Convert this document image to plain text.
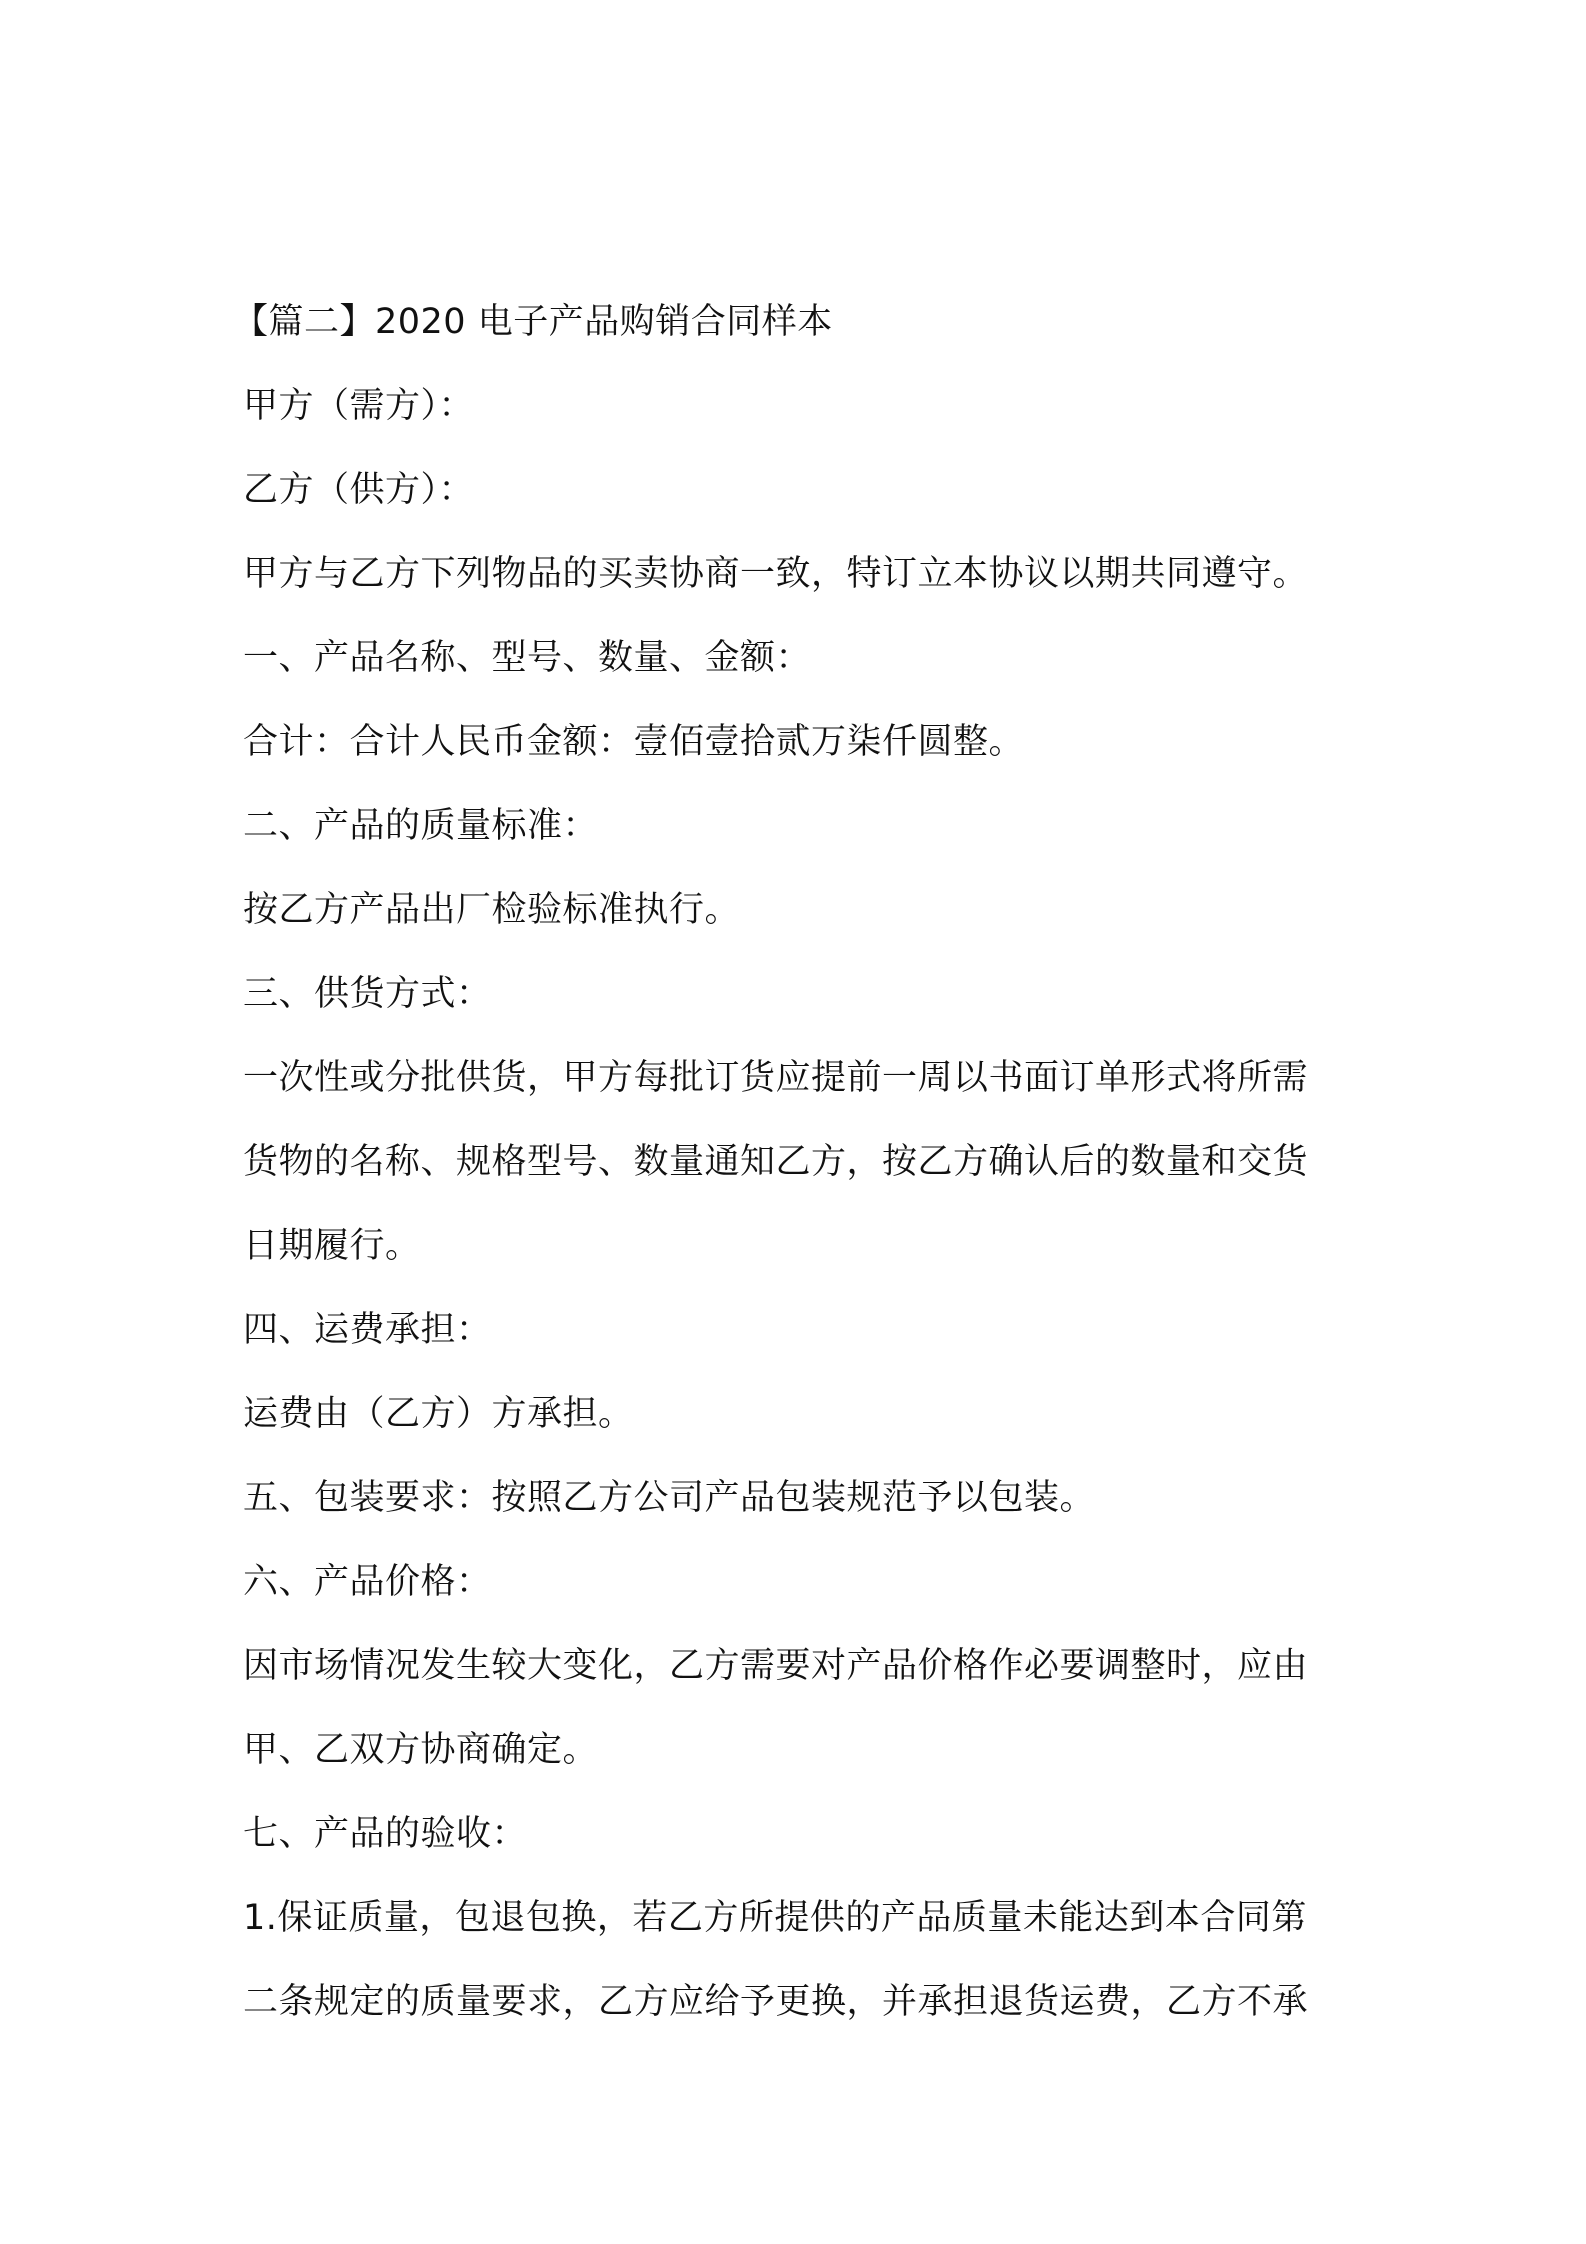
【篇二】2020 电子产品购销合同样本
甲方（需方）：
乙方（供方）：
甲方与乙方下列物品的买卖协商一致，特订立本协议以期共同遵守。
一、产品名称、型号、数量、金额：
合计：合计人民币金额：壹佰壹拾贰万柒仟圆整。
二、产品的质量标准：
按乙方产品出厂检验标准执行。
三、供货方式：
一次性或分批供货，甲方每批订货应提前一周以书面订单形式将所需
货物的名称、规格型号、数量通知乙方，按乙方确认后的数量和交货
日期履行。
四、运费承担：
运费由（乙方）方承担。
五、包装要求：按照乙方公司产品包装规范予以包装。
六、产品价格：
因市场情况发生较大变化，乙方需要对产品价格作必要调整时，应由
甲、乙双方协商确定。
七、产品的验收：
1.保证质量，包退包换，若乙方所提供的产品质量未能达到本合同第
二条规定的质量要求，乙方应给予更换，并承担退货运费，乙方不承
